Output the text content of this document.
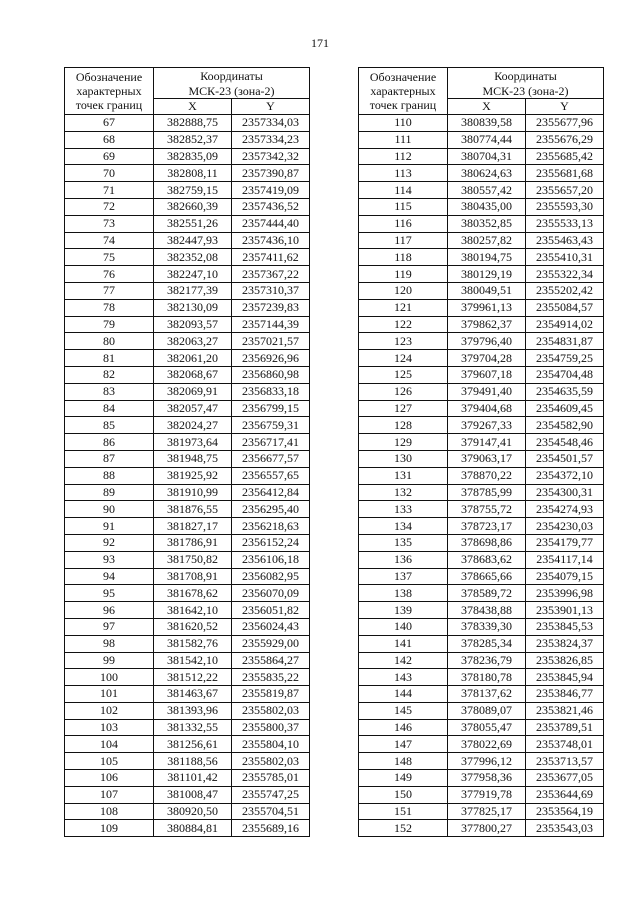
171
Обозначение
характерных
точек границ	Координаты	

	МСК-23 (зона-2)	
	X	Y
67	382888,75	2357334,03
68	382852,37	2357334,23
69	382835,09	2357342,32
70	382808,11	2357390,87
71	382759,15	2357419,09
72	382660,39	2357436,52
73	382551,26	2357444,40
74	382447,93	2357436,10
75	382352,08	2357411,62
76	382247,10	2357367,22
77	382177,39	2357310,37
78	382130,09	2357239,83
79	382093,57	2357144,39
80	382063,27	2357021,57
81	382061,20	2356926,96
82	382068,67	2356860,98
83	382069,91	2356833,18
84	382057,47	2356799,15
85	382024,27	2356759,31
86	381973,64	2356717,41
87	381948,75	2356677,57
88	381925,92	2356557,65
89	381910,99	2356412,84
90	381876,55	2356295,40
91	381827,17	2356218,63
92	381786,91	2356152,24
93	381750,82	2356106,18
94	381708,91	2356082,95
95	381678,62	2356070,09
96	381642,10	2356051,82
97	381620,52	2356024,43
98	381582,76	2355929,00
99	381542,10	2355864,27
100	381512,22	2355835,22
101	381463,67	2355819,87
102	381393,96	2355802,03
103	381332,55	2355800,37
104	381256,61	2355804,10
105	381188,56	2355802,03
106	381101,42	2355785,01
107	381008,47	2355747,25
108	380920,50	2355704,51
109	380884,81	2355689,16
Обозначение
характерных
точек границ	Координаты	

	МСК-23 (зона-2)	
	X	Y
110	380839,58	2355677,96
111	380774,44	2355676,29
112	380704,31	2355685,42
113	380624,63	2355681,68
114	380557,42	2355657,20
115	380435,00	2355593,30
116	380352,85	2355533,13
117	380257,82	2355463,43
118	380194,75	2355410,31
119	380129,19	2355322,34
120	380049,51	2355202,42
121	379961,13	2355084,57
122	379862,37	2354914,02
123	379796,40	2354831,87
124	379704,28	2354759,25
125	379607,18	2354704,48
126	379491,40	2354635,59
127	379404,68	2354609,45
128	379267,33	2354582,90
129	379147,41	2354548,46
130	379063,17	2354501,57
131	378870,22	2354372,10
132	378785,99	2354300,31
133	378755,72	2354274,93
134	378723,17	2354230,03
135	378698,86	2354179,77
136	378683,62	2354117,14
137	378665,66	2354079,15
138	378589,72	2353996,98
139	378438,88	2353901,13
140	378339,30	2353845,53
141	378285,34	2353824,37
142	378236,79	2353826,85
143	378180,78	2353845,94
144	378137,62	2353846,77
145	378089,07	2353821,46
146	378055,47	2353789,51
147	378022,69	2353748,01
148	377996,12	2353713,57
149	377958,36	2353677,05
150	377919,78	2353644,69
151	377825,17	2353564,19
152	377800,27	2353543,03
